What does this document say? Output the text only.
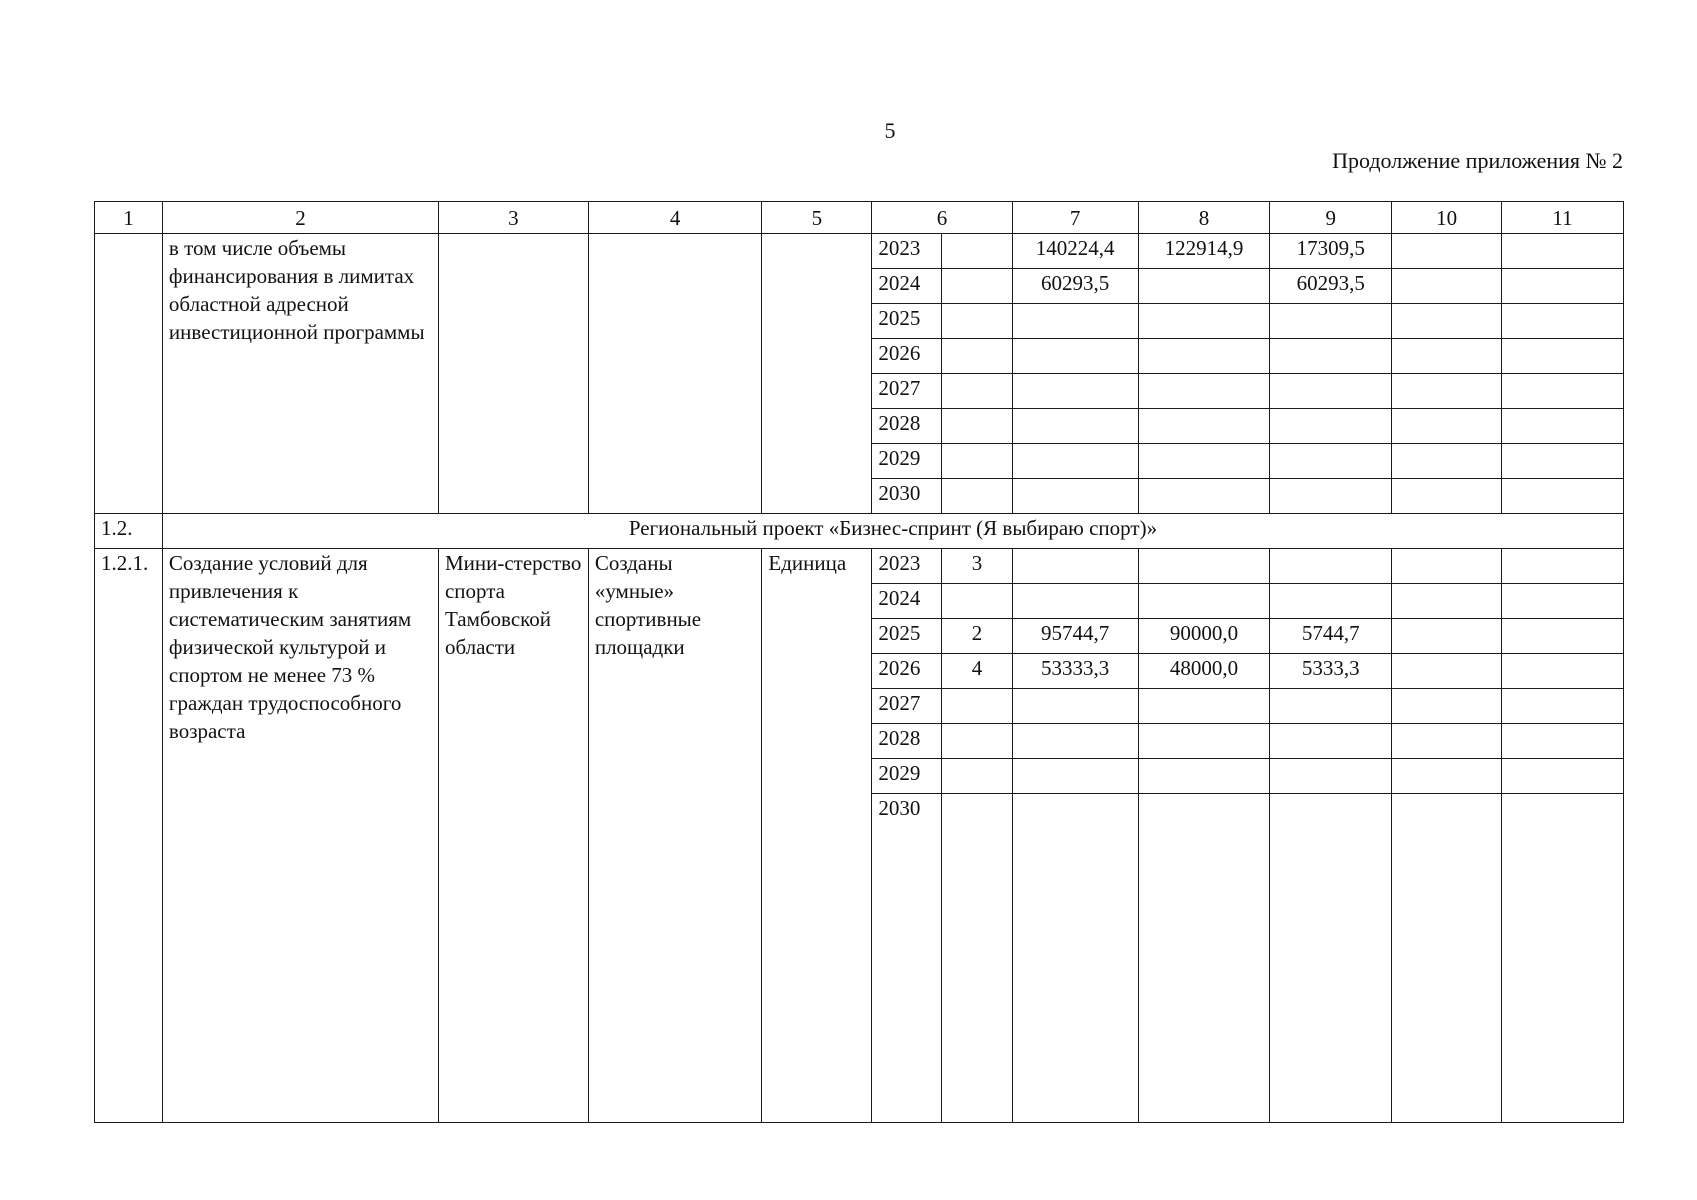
5
Продолжение приложения № 2
1	2	3	4	5	6		7	8	9	10	11
	в том числе объемы финансирования в лимитах областной адресной инвестиционной программы				2023		140224,4	122914,9	17309,5		
					2024		60293,5		60293,5		
					2025						
					2026						
					2027						
					2028						
					2029						
					2030						
1.2.	Региональный проект «Бизнес-спринт (Я выбираю спорт)»										
1.2.1.	Создание условий для привлечения к систематическим занятиям физической культурой и спортом не менее 73 % граждан трудоспособного возраста	Мини-стерство спорта Тамбовской области	Созданы «умные» спортивные площадки	Единица	2023	3					
					2024						
					2025	2	95744,7	90000,0	5744,7		
					2026	4	53333,3	48000,0	5333,3		
					2027						
					2028						
					2029						
					2030						
